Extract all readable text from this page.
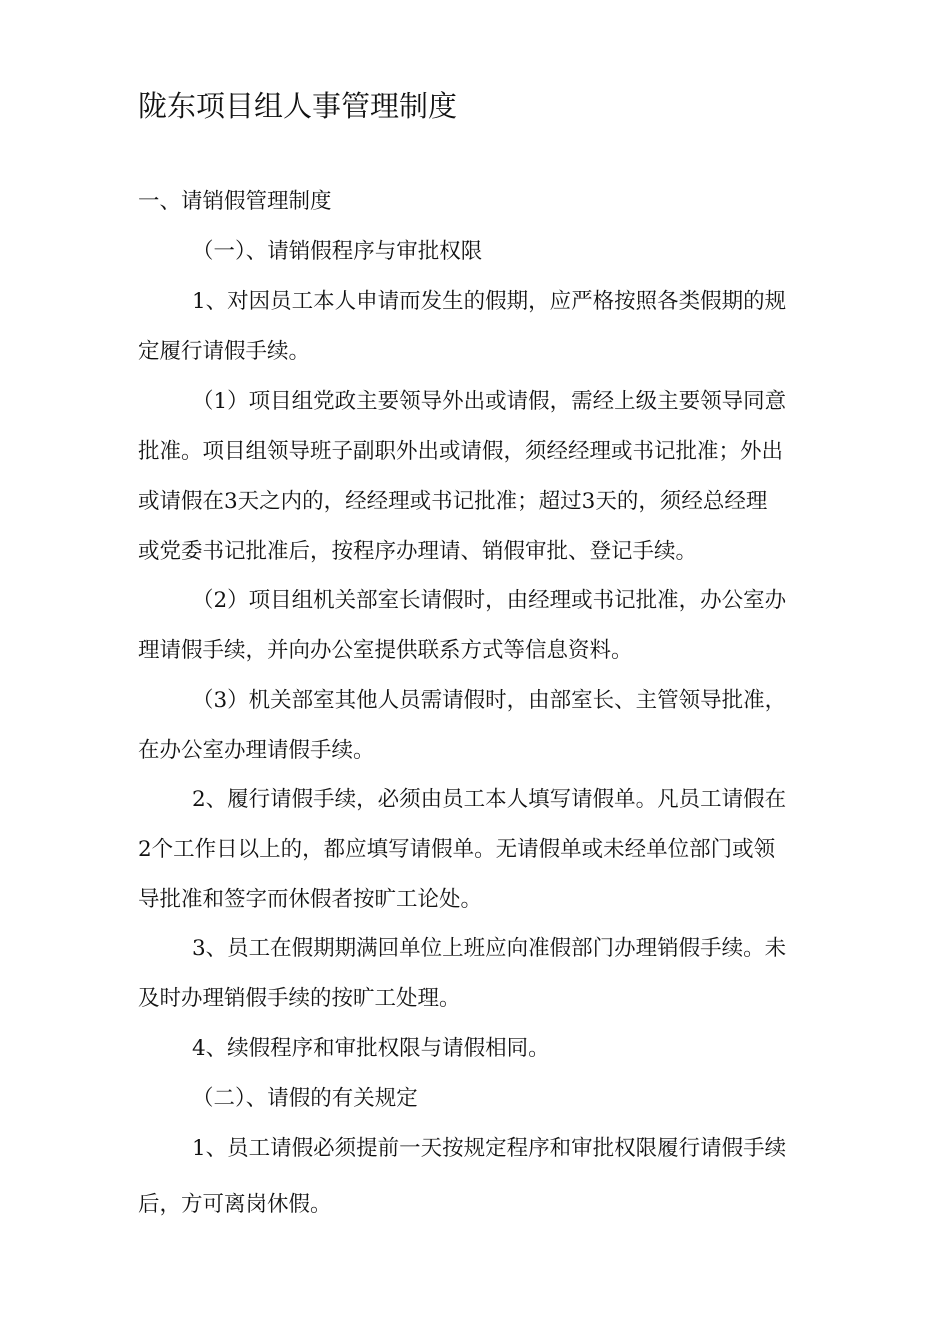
陇东项目组人事管理制度

一、请销假管理制度

（一）、请销假程序与审批权限

1、对因员工本人申请而发生的假期，应严格按照各类假期的规
定履行请假手续。
（1）项目组党政主要领导外出或请假，需经上级主要领导同意
批准。项目组领导班子副职外出或请假，须经经理或书记批准；外出
或请假在3天之内的，经经理或书记批准；超过3天的，须经总经理
或党委书记批准后，按程序办理请、销假审批、登记手续。
（2）项目组机关部室长请假时，由经理或书记批准，办公室办
理请假手续，并向办公室提供联系方式等信息资料。
（3）机关部室其他人员需请假时，由部室长、主管领导批准，
在办公室办理请假手续。
2、履行请假手续，必须由员工本人填写请假单。凡员工请假在
2个工作日以上的，都应填写请假单。无请假单或未经单位部门或领
导批准和签字而休假者按旷工论处。
3、员工在假期期满回单位上班应向准假部门办理销假手续。未
及时办理销假手续的按旷工处理。

4、续假程序和审批权限与请假相同。

（二）、请假的有关规定

1、员工请假必须提前一天按规定程序和审批权限履行请假手续
后，方可离岗休假。
